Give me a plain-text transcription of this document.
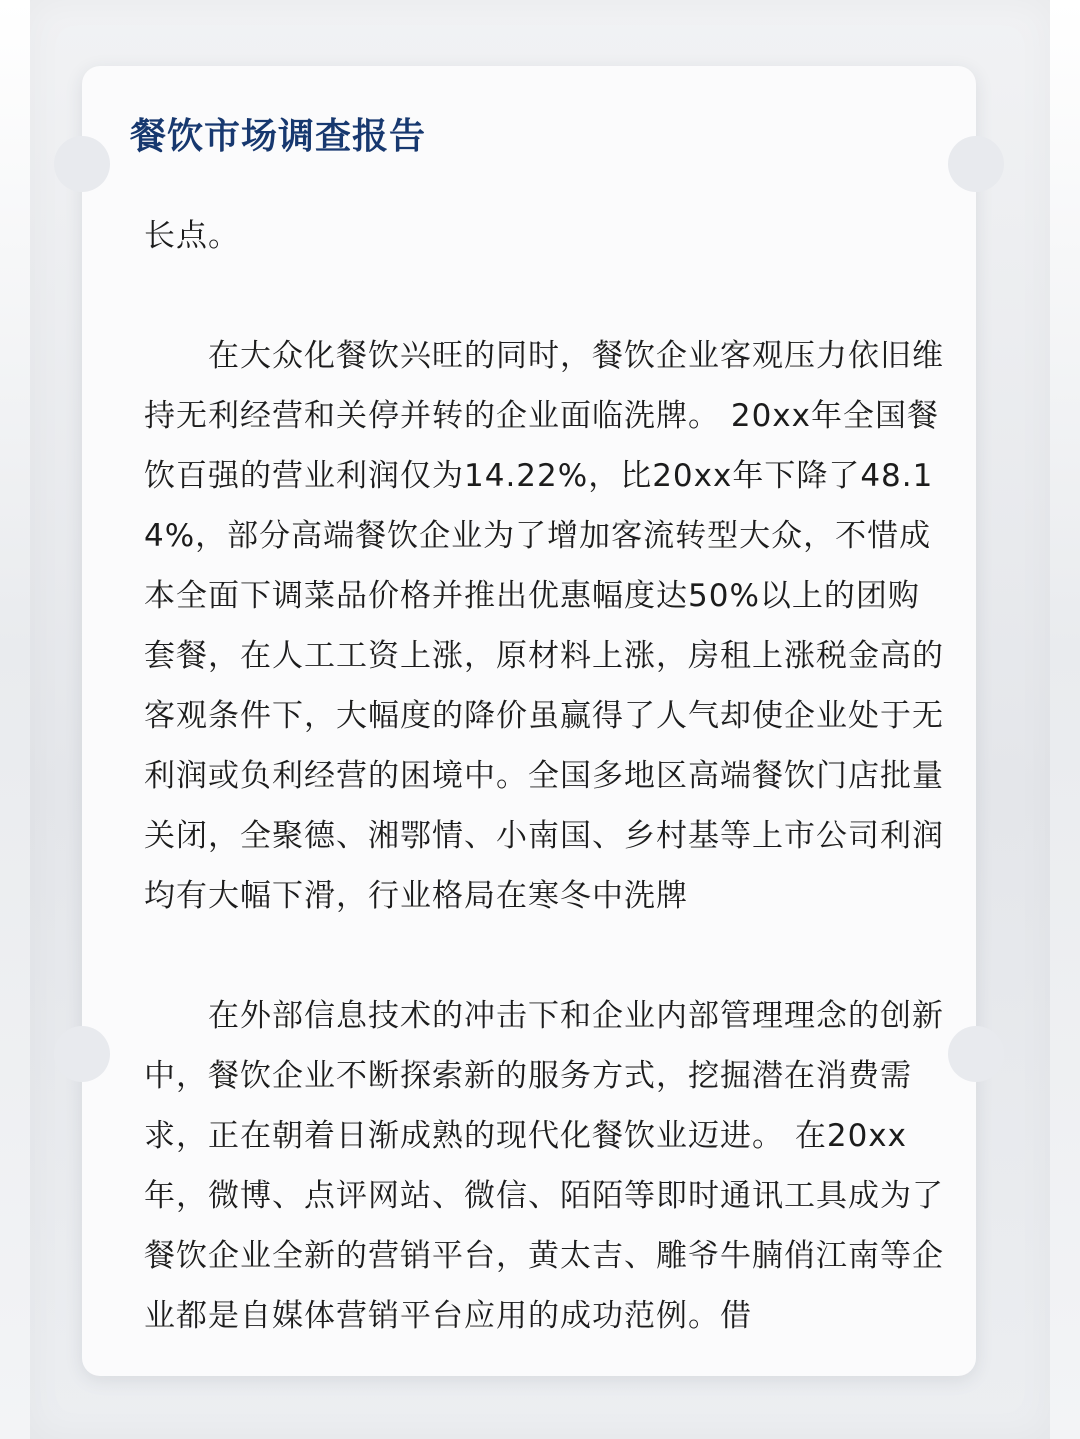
餐饮市场调查报告

长点。

　　在大众化餐饮兴旺的同时，餐饮企业客观压力依旧维持无利经营和关停并转的企业面临洗牌。 20xx年全国餐饮百强的营业利润仅为14.22%，比20xx年下降了48.14%，部分高端餐饮企业为了增加客流转型大众，不惜成本全面下调菜品价格并推出优惠幅度达50%以上的团购套餐，在人工工资上涨，原材料上涨，房租上涨税金高的客观条件下，大幅度的降价虽赢得了人气却使企业处于无利润或负利经营的困境中。全国多地区高端餐饮门店批量关闭，全聚德、湘鄂情、小南国、乡村基等上市公司利润均有大幅下滑，行业格局在寒冬中洗牌

　　在外部信息技术的冲击下和企业内部管理理念的创新中，餐饮企业不断探索新的服务方式，挖掘潜在消费需求，正在朝着日渐成熟的现代化餐饮业迈进。 在20xx年，微博、点评网站、微信、陌陌等即时通讯工具成为了餐饮企业全新的营销平台，黄太吉、雕爷牛腩俏江南等企业都是自媒体营销平台应用的成功范例。借
